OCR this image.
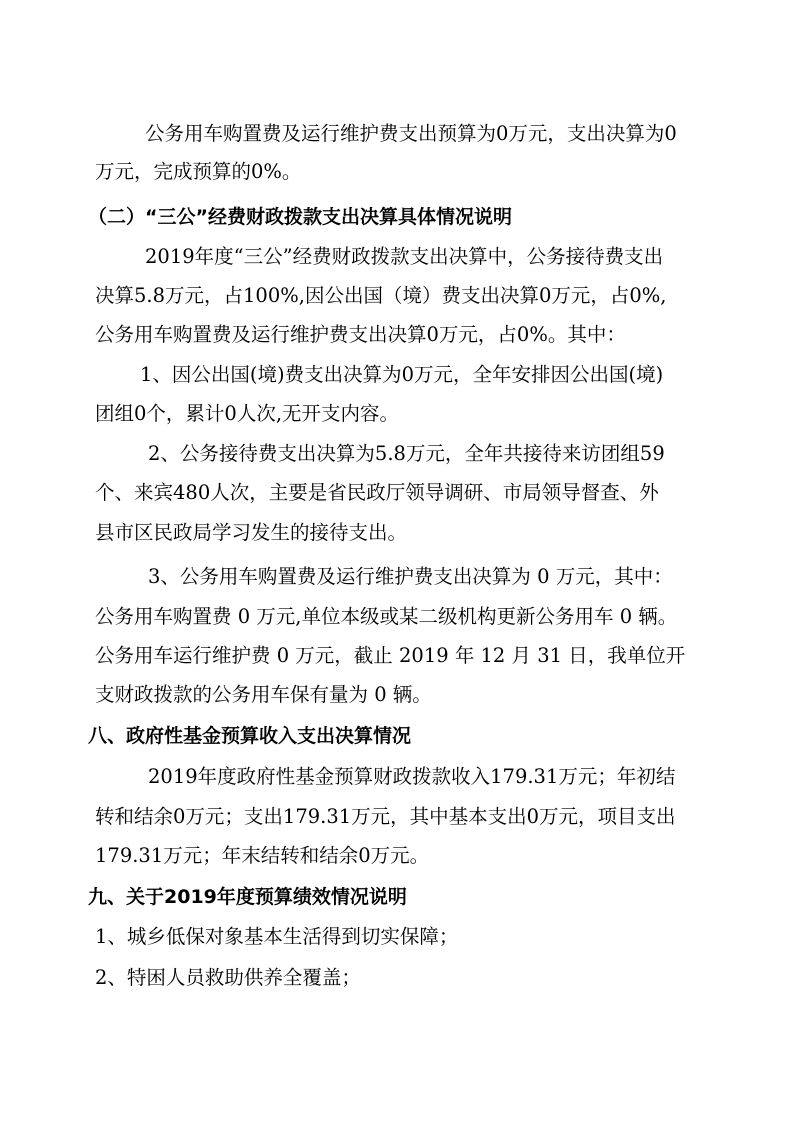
公务用车购置费及运行维护费支出预算为0万元，支出决算为0
万元，完成预算的0%。
（二）“三公”经费财政拨款支出决算具体情况说明
2019年度“三公”经费财政拨款支出决算中，公务接待费支出
决算5.8万元，占100%,因公出国（境）费支出决算0万元，占0%,
公务用车购置费及运行维护费支出决算0万元，占0%。其中：
1、因公出国(境)费支出决算为0万元，全年安排因公出国(境)
团组0个，累计0人次,无开支内容。
2、公务接待费支出决算为5.8万元，全年共接待来访团组59
个、来宾480人次，主要是省民政厅领导调研、市局领导督查、外
县市区民政局学习发生的接待支出。
3、公务用车购置费及运行维护费支出决算为 0 万元，其中：
公务用车购置费 0 万元,单位本级或某二级机构更新公务用车 0 辆。
公务用车运行维护费 0 万元，截止 2019 年 12 月 31 日，我单位开
支财政拨款的公务用车保有量为 0 辆。
八、政府性基金预算收入支出决算情况
2019年度政府性基金预算财政拨款收入179.31万元；年初结
转和结余0万元；支出179.31万元，其中基本支出0万元，项目支出
179.31万元；年末结转和结余0万元。
九、关于2019年度预算绩效情况说明
1、城乡低保对象基本生活得到切实保障；
2、特困人员救助供养全覆盖；
